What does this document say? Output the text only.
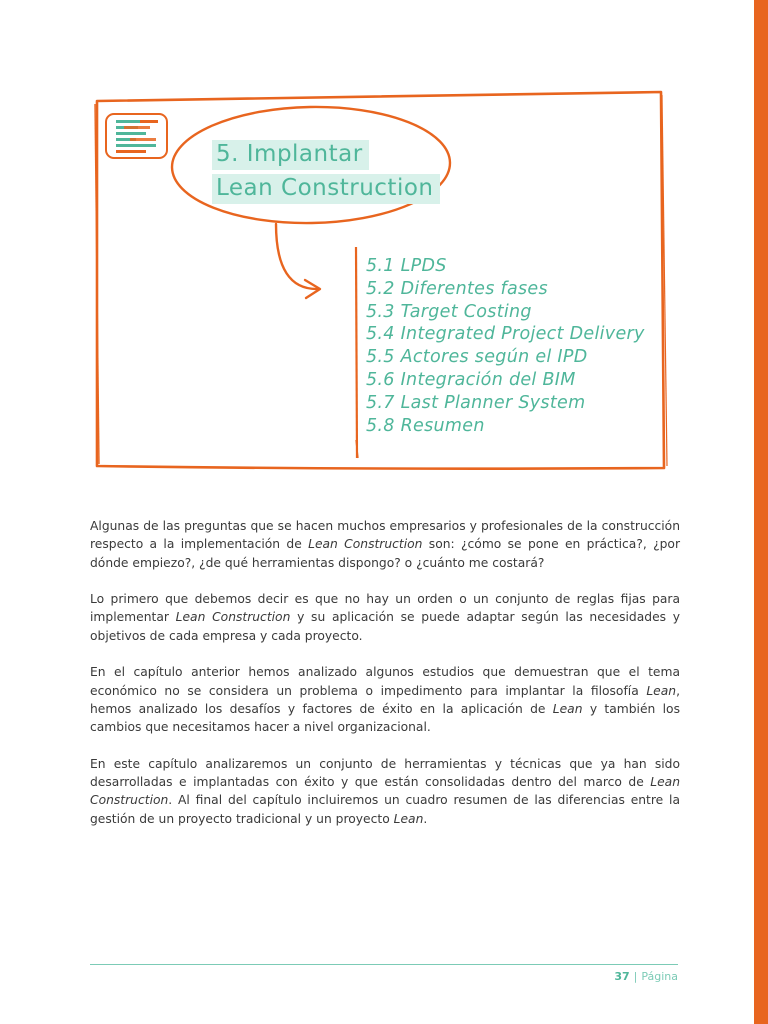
5. Implantar
Lean Construction
5.1 LPDS
5.2 Diferentes fases
5.3 Target Costing
5.4 Integrated Project Delivery
5.5 Actores según el IPD
5.6 Integración del BIM
5.7 Last Planner System
5.8 Resumen

Algunas de las preguntas que se hacen muchos empresarios y profesionales de la construcción respecto a la implementación de Lean Construction son: ¿cómo se pone en práctica?, ¿por dónde empiezo?, ¿de qué herramientas dispongo? o ¿cuánto me costará?

Lo primero que debemos decir es que no hay un orden o un conjunto de reglas fijas para implementar Lean Construction y su aplicación se puede adaptar según las necesidades y objetivos de cada empresa y cada proyecto.

En el capítulo anterior hemos analizado algunos estudios que demuestran que el tema económico no se considera un problema o impedimento para implantar la filosofía Lean, hemos analizado los desafíos y factores de éxito en la aplicación de Lean y también los cambios que necesitamos hacer a nivel organizacional.

En este capítulo analizaremos un conjunto de herramientas y técnicas que ya han sido desarrolladas e implantadas con éxito y que están consolidadas dentro del marco de Lean Construction. Al final del capítulo incluiremos un cuadro resumen de las diferencias entre la gestión de un proyecto tradicional y un proyecto Lean.

37 | Página
